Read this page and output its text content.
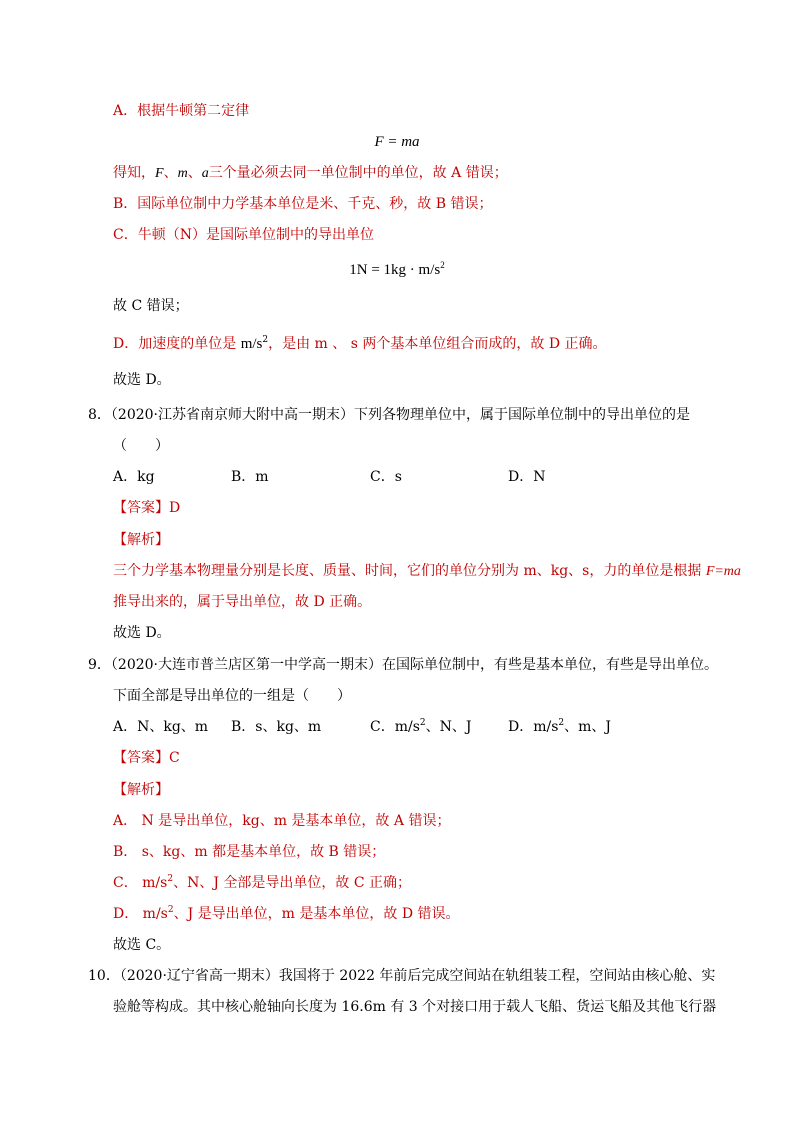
A．根据牛顿第二定律
F = ma
得知，F、m、a三个量必须去同一单位制中的单位，故 A 错误；
B．国际单位制中力学基本单位是米、千克、秒，故 B 错误；
C．牛顿（N）是国际单位制中的导出单位
$1N = 1kg \cdot m/s^2$
故 C 错误；
D．加速度的单位是 $m/s^2$，是由 m 、 s 两个基本单位组合而成的，故 D 正确。
故选 D。
8．（2020·江苏省南京师大附中高一期末）下列各物理单位中，属于国际单位制中的导出单位的是
（　　）
A．kg	B．m	C．s	D．N
【答案】D
【解析】
三个力学基本物理量分别是长度、质量、时间，它们的单位分别为 m、kg、s，力的单位是根据 F=ma
推导出来的，属于导出单位，故 D 正确。
故选 D。
9．（2020·大连市普兰店区第一中学高一期末）在国际单位制中，有些是基本单位，有些是导出单位。
下面全部是导出单位的一组是（　　）
A．N、kg、m B．s、kg、m	C．$m/s^2$、N、J	D．$m/s^2$、m、J
【答案】C
【解析】
A． N 是导出单位，kg、m 是基本单位，故 A 错误；
B． s、kg、m 都是基本单位，故 B 错误；
C． $m/s^2$、N、J 全部是导出单位，故 C 正确；
D． $m/s^2$、J 是导出单位，m 是基本单位，故 D 错误。
故选 C。
10．（2020·辽宁省高一期末）我国将于 2022 年前后完成空间站在轨组装工程，空间站由核心舱、实
验舱等构成。其中核心舱轴向长度为 16.6m 有 3 个对接口用于载人飞船、货运飞船及其他飞行器
